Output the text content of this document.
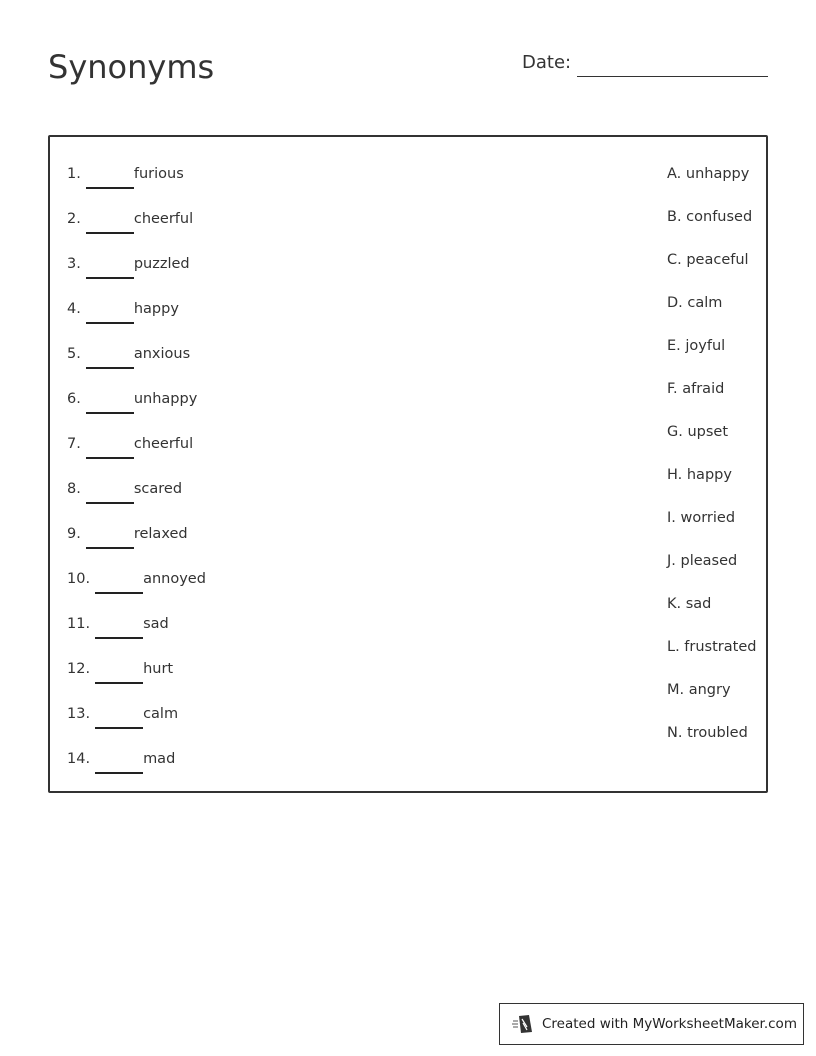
Synonyms	Date:
1.	furious
2.	cheerful
3.	puzzled
4.	happy
5.	anxious
6.	unhappy
7.	cheerful
8.	scared
9.	relaxed
10.	annoyed
11.	sad
12.	hurt
13.	calm
14.	mad
A. unhappy
B. confused
C. peaceful
D. calm
E. joyful
F. afraid
G. upset
H. happy
I. worried
J. pleased
K. sad
L. frustrated
M. angry
N. troubled
Created with MyWorksheetMaker.com
